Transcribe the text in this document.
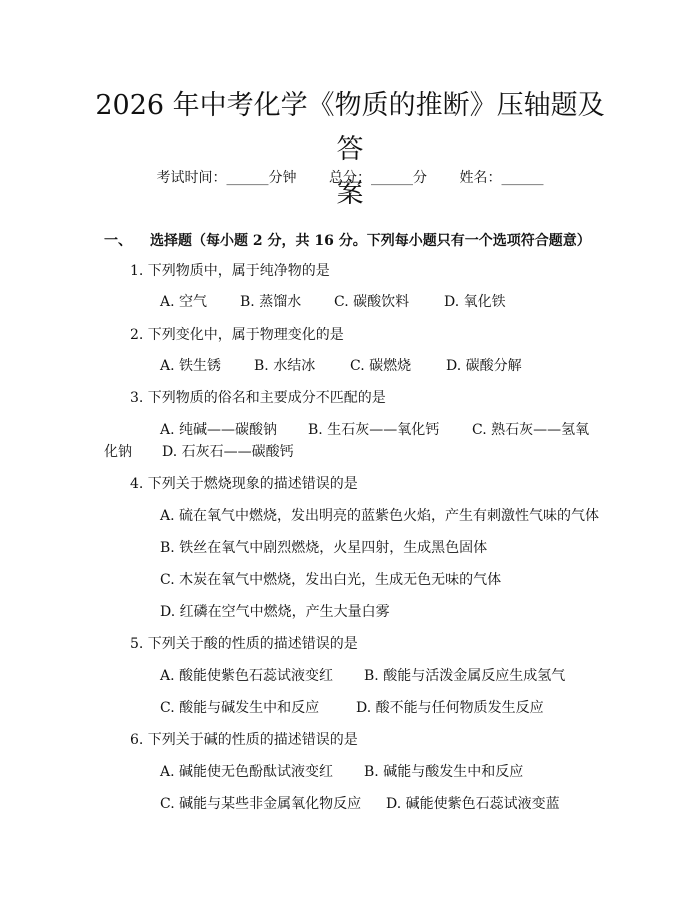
2026 年中考化学《物质的推断》压轴题及答
案
考试时间：______分钟 总分：______分 姓名：______
一、 选择题（每小题 2 分，共 16 分。下列每小题只有一个选项符合题意）
1. 下列物质中，属于纯净物的是
A. 空气 B. 蒸馏水 C. 碳酸饮料 D. 氧化铁
2. 下列变化中，属于物理变化的是
A. 铁生锈 B. 水结冰 C. 碳燃烧 D. 碳酸分解
3. 下列物质的俗名和主要成分不匹配的是
A. 纯碱——碳酸钠 B. 生石灰——氧化钙 C. 熟石灰——氢氧
化钠 D. 石灰石——碳酸钙
4. 下列关于燃烧现象的描述错误的是
A. 硫在氧气中燃烧，发出明亮的蓝紫色火焰，产生有刺激性气味的气体
B. 铁丝在氧气中剧烈燃烧，火星四射，生成黑色固体
C. 木炭在氧气中燃烧，发出白光，生成无色无味的气体
D. 红磷在空气中燃烧，产生大量白雾
5. 下列关于酸的性质的描述错误的是
A. 酸能使紫色石蕊试液变红 B. 酸能与活泼金属反应生成氢气
C. 酸能与碱发生中和反应	D. 酸不能与任何物质发生反应
6. 下列关于碱的性质的描述错误的是
A. 碱能使无色酚酞试液变红 B. 碱能与酸发生中和反应
C. 碱能与某些非金属氧化物反应 D. 碱能使紫色石蕊试液变蓝
